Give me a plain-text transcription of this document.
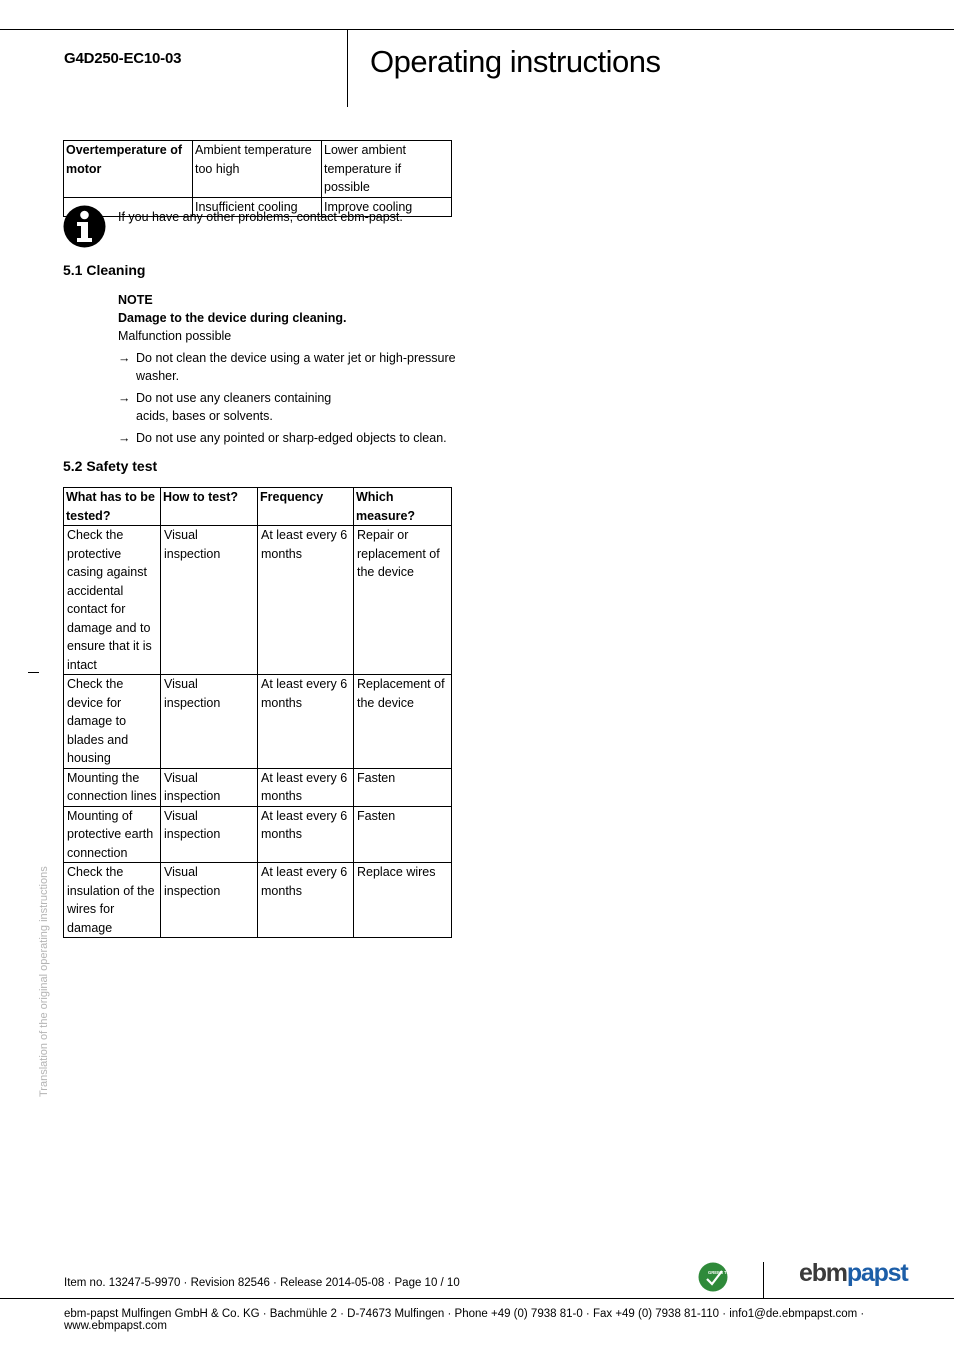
G4D250-EC10-03	Operating instructions
Overtemperature of motor	Ambient temperature too high	Lower ambient temperature if possible
	Insufficient cooling	Improve cooling
If you have any other problems, contact ebm-papst.
5.1 Cleaning
NOTE
Damage to the device during cleaning.
Malfunction possible
→ Do not clean the device using a water jet or high-pressure washer.
→ Do not use any cleaners containing acids, bases or solvents.
→ Do not use any pointed or sharp-edged objects to clean.
5.2 Safety test
What has to be tested?	How to test?	Frequency	Which measure?
Check the protective casing against accidental contact for damage and to ensure that it is intact	Visual inspection	At least every 6 months	Repair or replacement of the device
Check the device for damage to blades and housing	Visual inspection	At least every 6 months	Replacement of the device
Mounting the connection lines	Visual inspection	At least every 6 months	Fasten
Mounting of protective earth connection	Visual inspection	At least every 6 months	Fasten
Check the insulation of the wires for damage	Visual inspection	At least every 6 months	Replace wires
Translation of the original operating instructions
Item no. 13247-5-9970 · Revision 82546 · Release 2014-05-08 · Page 10 / 10
GREEN TECH	ebmpapst
ebm-papst Mulfingen GmbH & Co. KG · Bachmühle 2 · D-74673 Mulfingen · Phone +49 (0) 7938 81-0 · Fax +49 (0) 7938 81-110 · info1@de.ebmpapst.com · www.ebmpapst.com
